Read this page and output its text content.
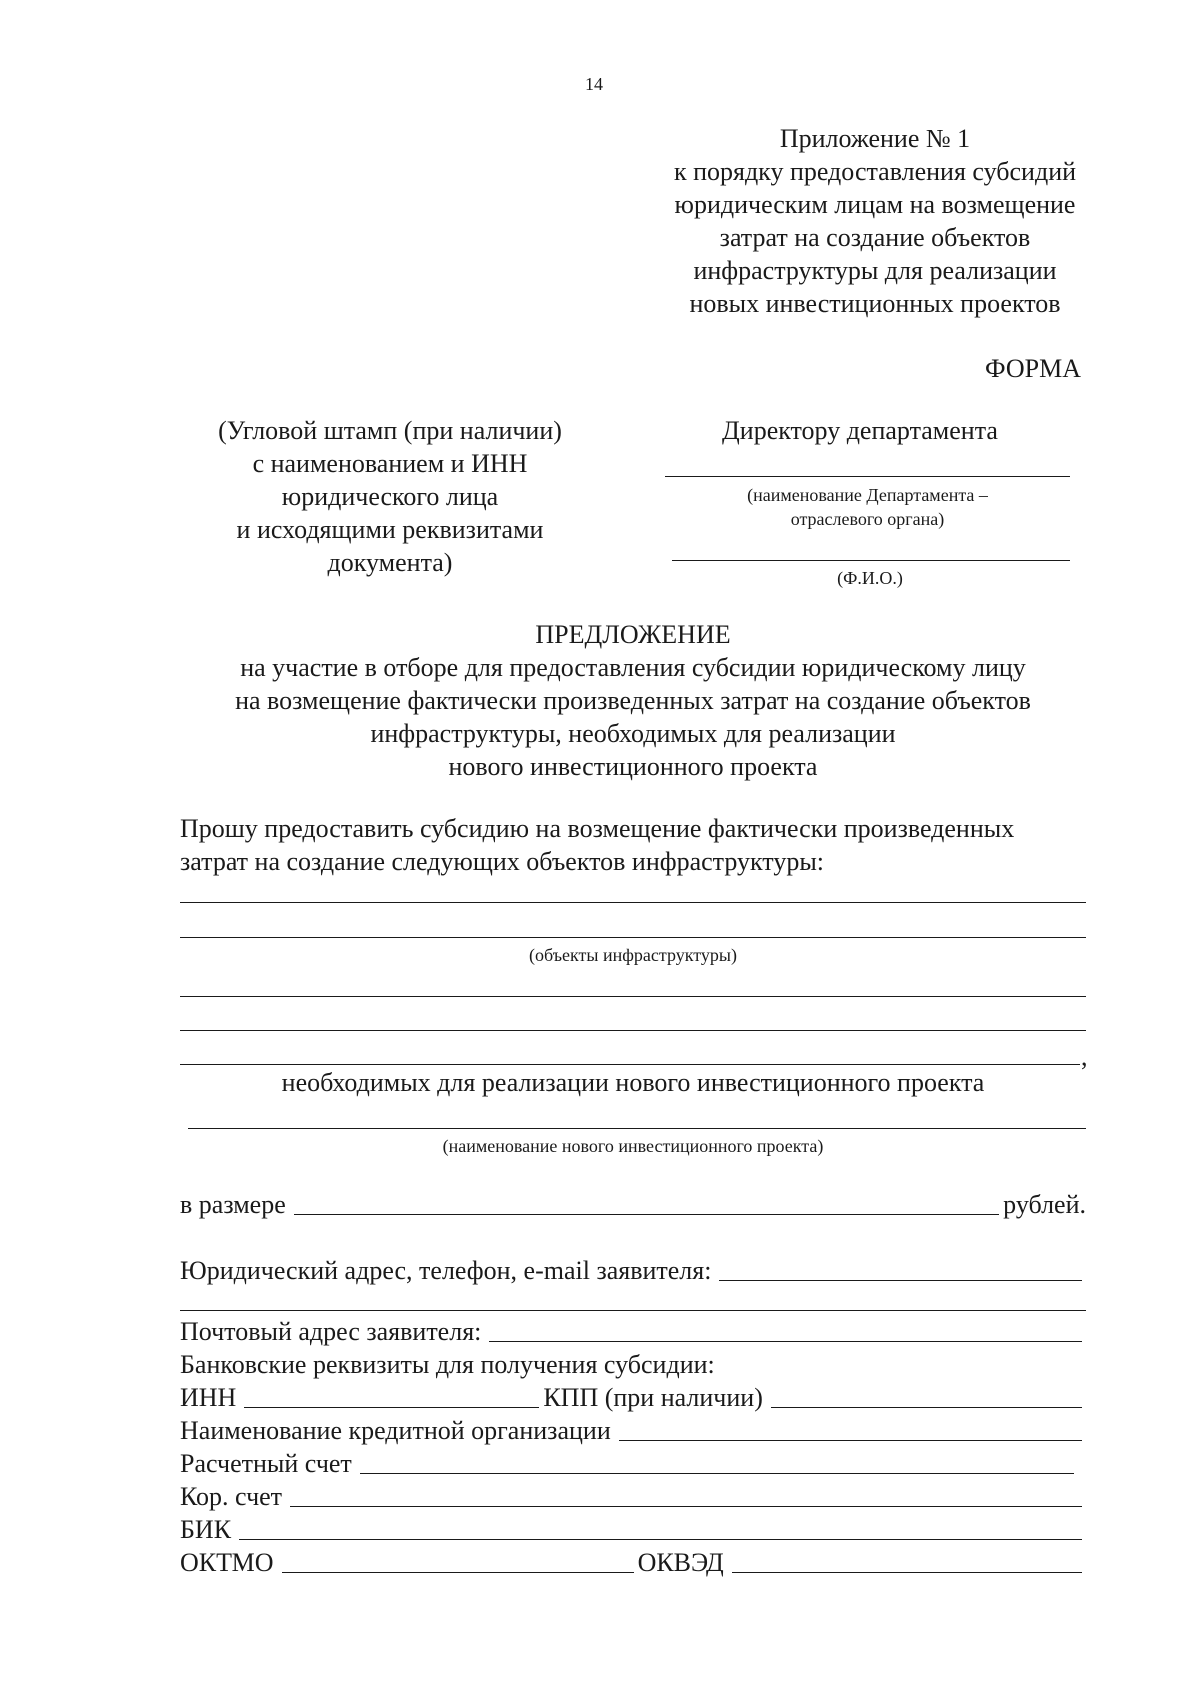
14
Приложение № 1
к порядку предоставления субсидий
юридическим лицам на возмещение
затрат на создание объектов
инфраструктуры для реализации
новых инвестиционных проектов
ФОРМА
(Угловой штамп (при наличии)
с наименованием и ИНН
юридического лица
и исходящими реквизитами
документа)
Директору департамента
(наименование Департамента –
отраслевого органа)
(Ф.И.О.)
ПРЕДЛОЖЕНИЕ
на участие в отборе для предоставления субсидии юридическому лицу
на возмещение фактически произведенных затрат на создание объектов
инфраструктуры, необходимых для реализации
нового инвестиционного проекта
Прошу предоставить субсидию на возмещение фактически произведенных
затрат на создание следующих объектов инфраструктуры:
(объекты инфраструктуры)
,
необходимых для реализации нового инвестиционного проекта
(наименование нового инвестиционного проекта)
в размере	рублей.
Юридический адрес, телефон, e-mail заявителя:
Почтовый адрес заявителя:
Банковские реквизиты для получения субсидии:
ИНН	КПП (при наличии)
Наименование кредитной организации
Расчетный счет
Кор. счет
БИК
ОКТМО	ОКВЭД
